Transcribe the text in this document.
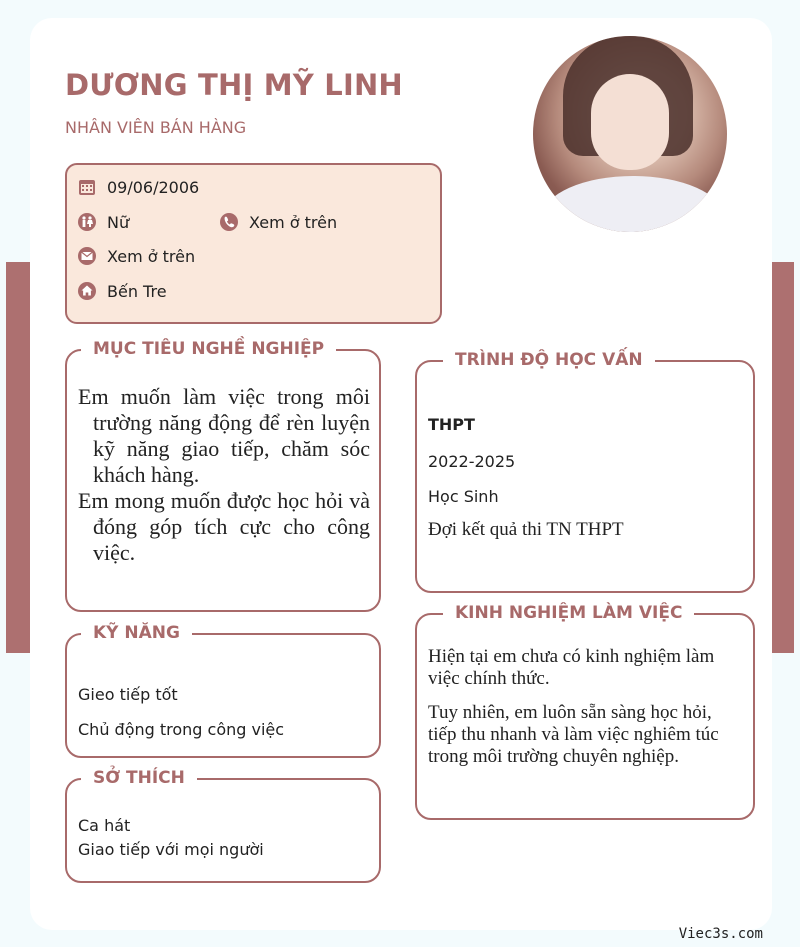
DƯƠNG THỊ MỸ LINH
NHÂN VIÊN BÁN HÀNG
09/06/2006
Nữ	Xem ở trên
Xem ở trên
Bến Tre
MỤC TIÊU NGHỀ NGHIỆP

Em muốn làm việc trong môi trường năng động để rèn luyện kỹ năng giao tiếp, chăm sóc khách hàng.

Em mong muốn được học hỏi và đóng góp tích cực cho công việc.

KỸ NĂNG
Gieo tiếp tốt
Chủ động trong công việc
SỞ THÍCH
Ca hát
Giao tiếp với mọi người
TRÌNH ĐỘ HỌC VẤN
THPT
2022-2025
Học Sinh
Đợi kết quả thi TN THPT
KINH NGHIỆM LÀM VIỆC

Hiện tại em chưa có kinh nghiệm làm việc chính thức.

Tuy nhiên, em luôn sẵn sàng học hỏi, tiếp thu nhanh và làm việc nghiêm túc trong môi trường chuyên nghiệp.

Viec3s.com
